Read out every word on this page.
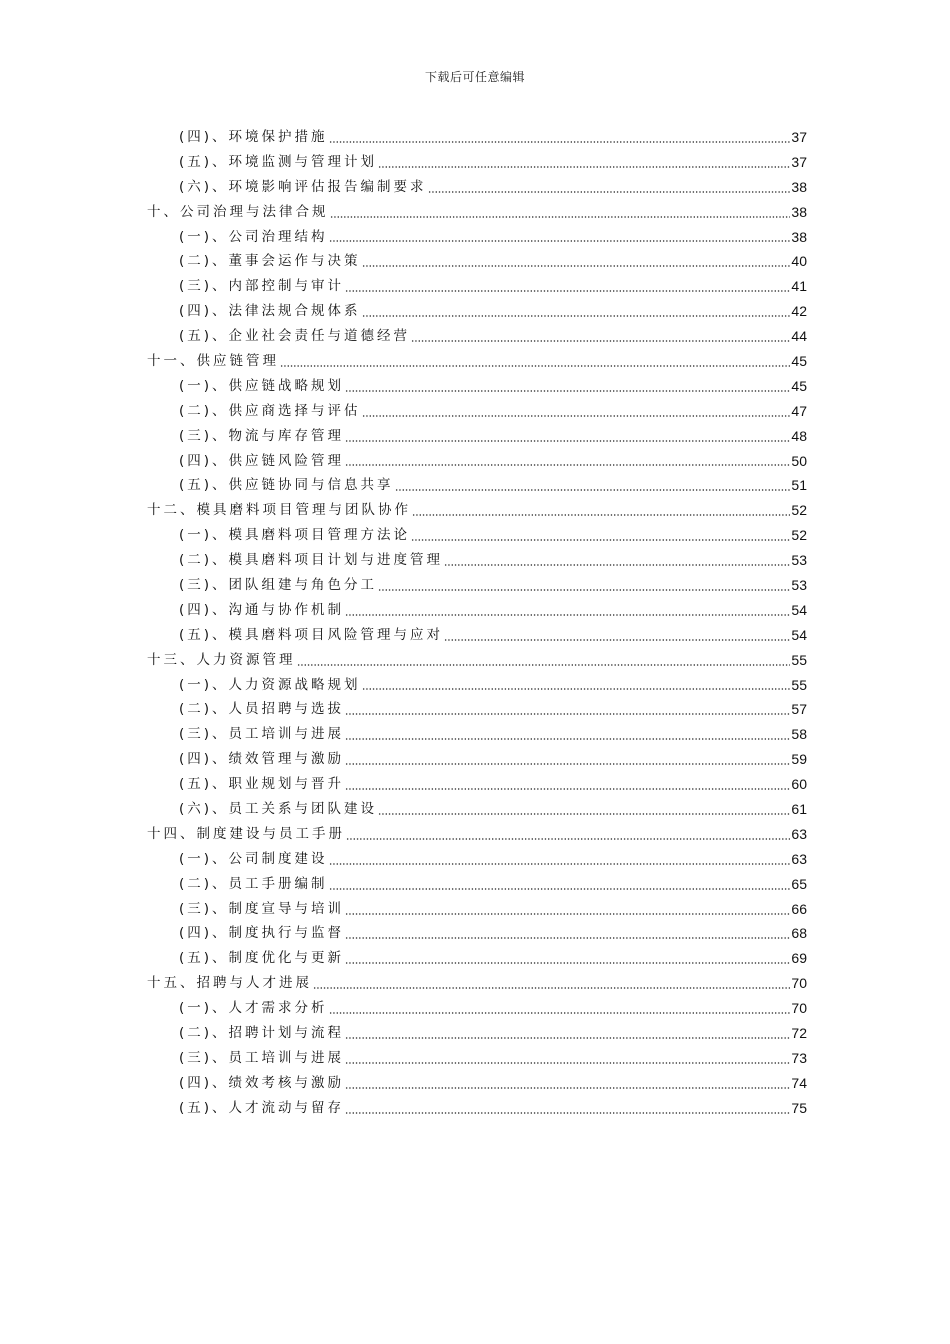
下载后可任意编辑
(四)、环境保护措施	37
(五)、环境监测与管理计划	37
(六)、环境影响评估报告编制要求	38
十、公司治理与法律合规	38
(一)、公司治理结构	38
(二)、董事会运作与决策	40
(三)、内部控制与审计	41
(四)、法律法规合规体系	42
(五)、企业社会责任与道德经营	44
十一、供应链管理	45
(一)、供应链战略规划	45
(二)、供应商选择与评估	47
(三)、物流与库存管理	48
(四)、供应链风险管理	50
(五)、供应链协同与信息共享	51
十二、模具磨料项目管理与团队协作	52
(一)、模具磨料项目管理方法论	52
(二)、模具磨料项目计划与进度管理	53
(三)、团队组建与角色分工	53
(四)、沟通与协作机制	54
(五)、模具磨料项目风险管理与应对	54
十三、人力资源管理	55
(一)、人力资源战略规划	55
(二)、人员招聘与选拔	57
(三)、员工培训与进展	58
(四)、绩效管理与激励	59
(五)、职业规划与晋升	60
(六)、员工关系与团队建设	61
十四、制度建设与员工手册	63
(一)、公司制度建设	63
(二)、员工手册编制	65
(三)、制度宣导与培训	66
(四)、制度执行与监督	68
(五)、制度优化与更新	69
十五、招聘与人才进展	70
(一)、人才需求分析	70
(二)、招聘计划与流程	72
(三)、员工培训与进展	73
(四)、绩效考核与激励	74
(五)、人才流动与留存	75
